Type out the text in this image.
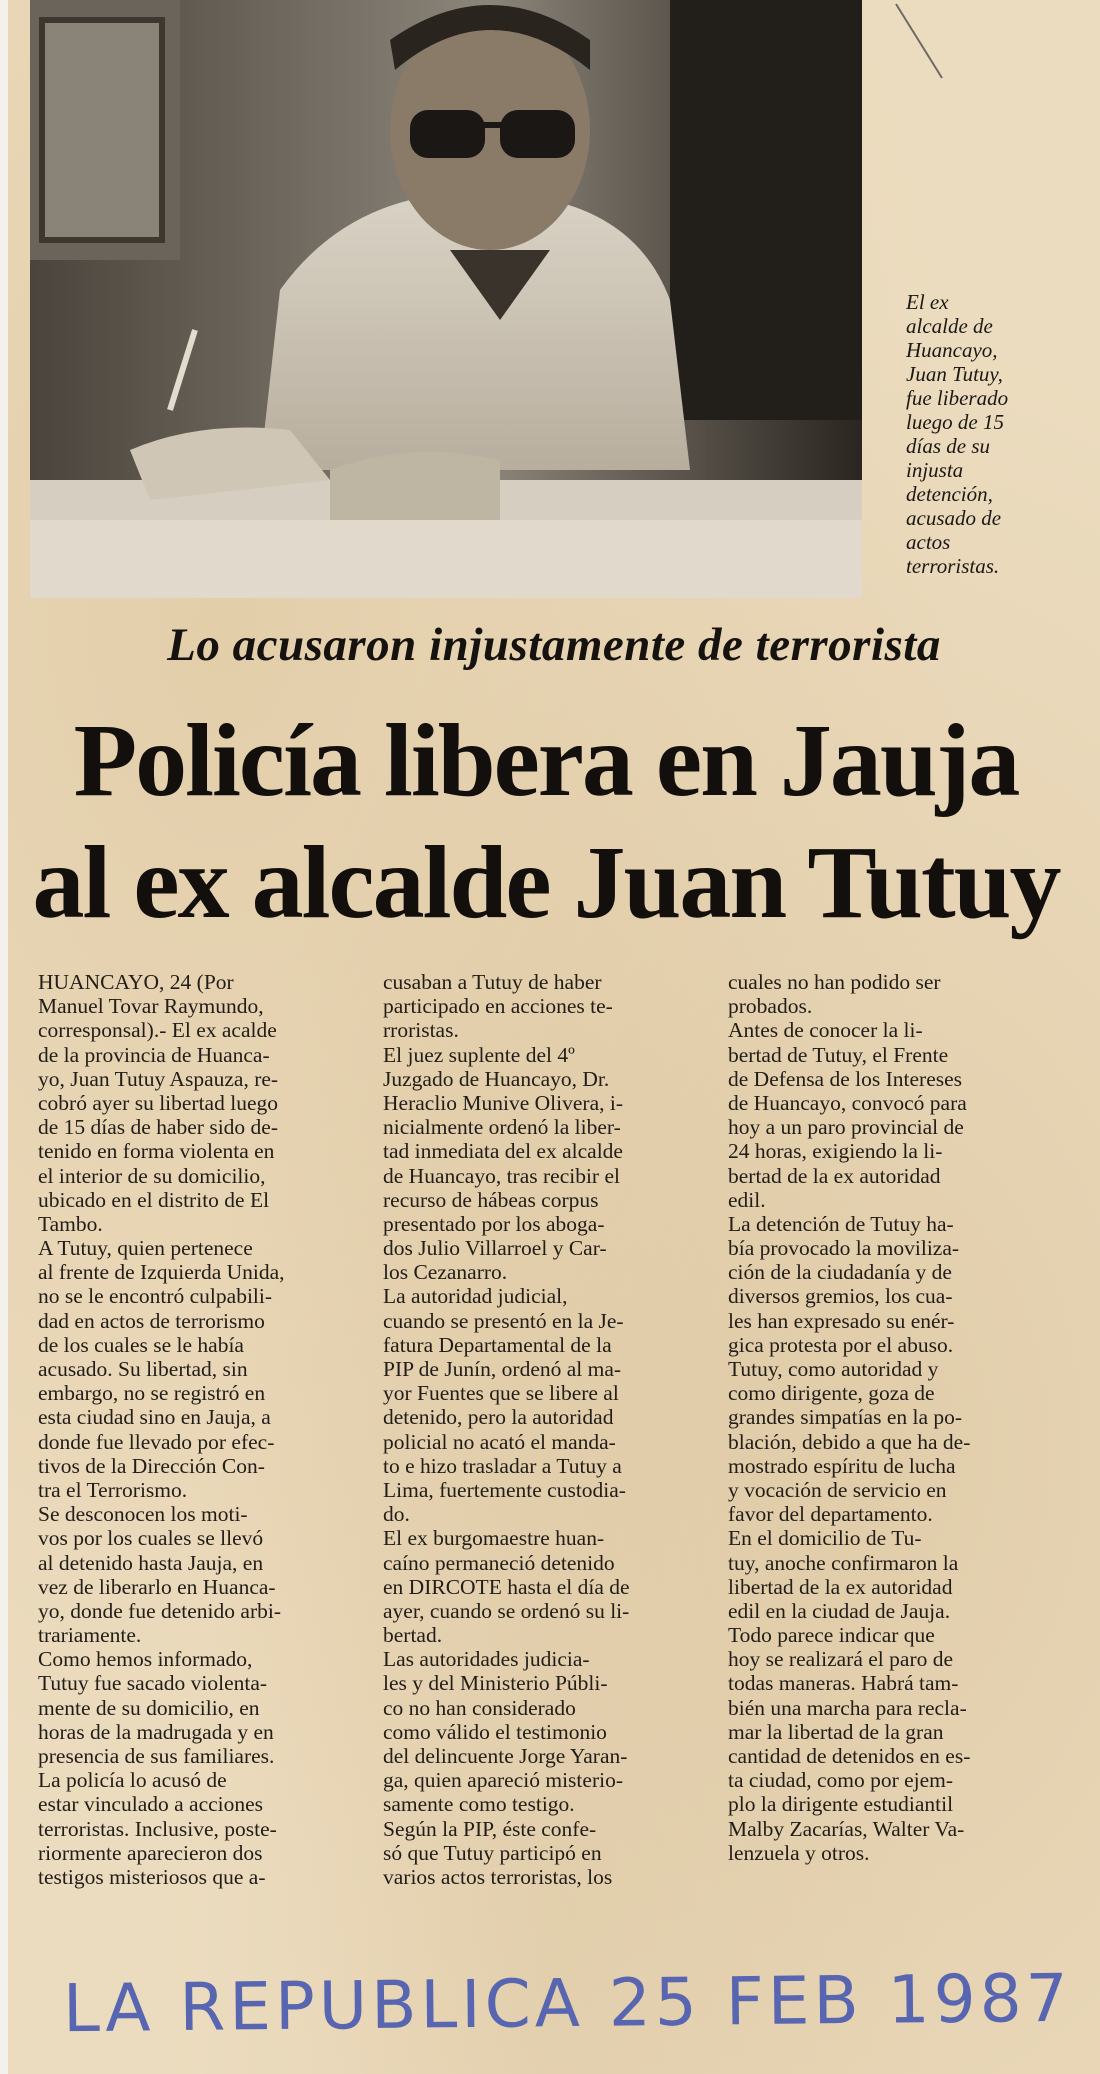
El ex
alcalde de
Huancayo,
Juan Tutuy,
fue liberado
luego de 15
días de su
injusta
detención,
acusado de
actos
terroristas.
Lo acusaron injustamente de terrorista
Policía libera en Jauja
al ex alcalde Juan Tutuy
HUANCAYO, 24 (Por
Manuel Tovar Raymundo,
corresponsal).- El ex acalde
de la provincia de Huanca-
yo, Juan Tutuy Aspauza, re-
cobró ayer su libertad luego
de 15 días de haber sido de-
tenido en forma violenta en
el interior de su domicilio,
ubicado en el distrito de El
Tambo.
A Tutuy, quien pertenece
al frente de Izquierda Unida,
no se le encontró culpabili-
dad en actos de terrorismo
de los cuales se le había
acusado. Su libertad, sin
embargo, no se registró en
esta ciudad sino en Jauja, a
donde fue llevado por efec-
tivos de la Dirección Con-
tra el Terrorismo.
Se desconocen los moti-
vos por los cuales se llevó
al detenido hasta Jauja, en
vez de liberarlo en Huanca-
yo, donde fue detenido arbi-
trariamente.
Como hemos informado,
Tutuy fue sacado violenta-
mente de su domicilio, en
horas de la madrugada y en
presencia de sus familiares.
La policía lo acusó de
estar vinculado a acciones
terroristas. Inclusive, poste-
riormente aparecieron dos
testigos misteriosos que a-
cusaban a Tutuy de haber
participado en acciones te-
rroristas.
El juez suplente del 4º
Juzgado de Huancayo, Dr.
Heraclio Munive Olivera, i-
nicialmente ordenó la liber-
tad inmediata del ex alcalde
de Huancayo, tras recibir el
recurso de hábeas corpus
presentado por los aboga-
dos Julio Villarroel y Car-
los Cezanarro.
La autoridad judicial,
cuando se presentó en la Je-
fatura Departamental de la
PIP de Junín, ordenó al ma-
yor Fuentes que se libere al
detenido, pero la autoridad
policial no acató el manda-
to e hizo trasladar a Tutuy a
Lima, fuertemente custodia-
do.
El ex burgomaestre huan-
caíno permaneció detenido
en DIRCOTE hasta el día de
ayer, cuando se ordenó su li-
bertad.
Las autoridades judicia-
les y del Ministerio Públi-
co no han considerado
como válido el testimonio
del delincuente Jorge Yaran-
ga, quien apareció misterio-
samente como testigo.
Según la PIP, éste confe-
só que Tutuy participó en
varios actos terroristas, los
cuales no han podido ser
probados.
Antes de conocer la li-
bertad de Tutuy, el Frente
de Defensa de los Intereses
de Huancayo, convocó para
hoy a un paro provincial de
24 horas, exigiendo la li-
bertad de la ex autoridad
edil.
La detención de Tutuy ha-
bía provocado la moviliza-
ción de la ciudadanía y de
diversos gremios, los cua-
les han expresado su enér-
gica protesta por el abuso.
Tutuy, como autoridad y
como dirigente, goza de
grandes simpatías en la po-
blación, debido a que ha de-
mostrado espíritu de lucha
y vocación de servicio en
favor del departamento.
En el domicilio de Tu-
tuy, anoche confirmaron la
libertad de la ex autoridad
edil en la ciudad de Jauja.
Todo parece indicar que
hoy se realizará el paro de
todas maneras. Habrá tam-
bién una marcha para recla-
mar la libertad de la gran
cantidad de detenidos en es-
ta ciudad, como por ejem-
plo la dirigente estudiantil
Malby Zacarías, Walter Va-
lenzuela y otros.
LA REPUBLICA 25 FEB 1987
